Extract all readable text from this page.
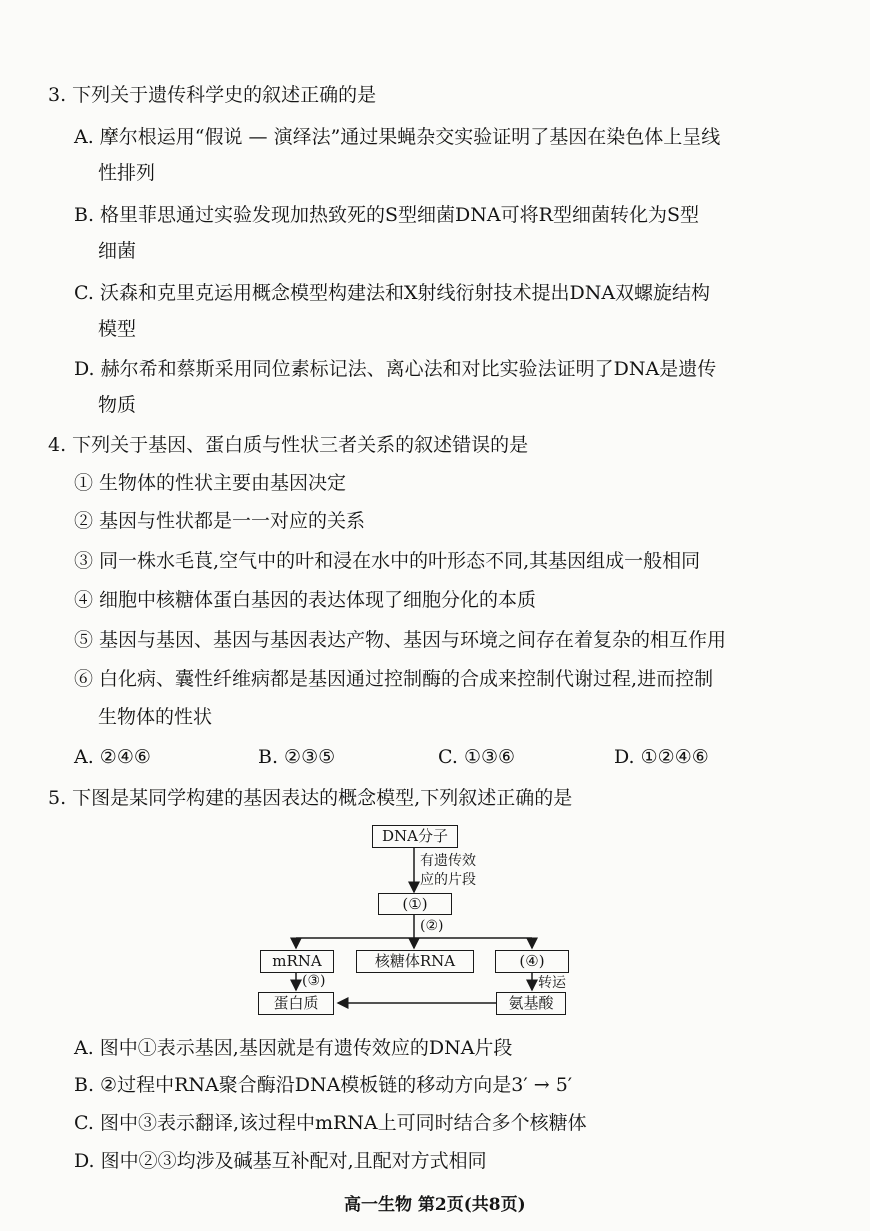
3. 下列关于遗传科学史的叙述正确的是
A. 摩尔根运用“假说 — 演绎法”通过果蝇杂交实验证明了基因在染色体上呈线
性排列
B. 格里菲思通过实验发现加热致死的S型细菌DNA可将R型细菌转化为S型
细菌
C. 沃森和克里克运用概念模型构建法和X射线衍射技术提出DNA双螺旋结构
模型
D. 赫尔希和蔡斯采用同位素标记法、离心法和对比实验法证明了DNA是遗传
物质
4. 下列关于基因、蛋白质与性状三者关系的叙述错误的是
① 生物体的性状主要由基因决定
② 基因与性状都是一一对应的关系
③ 同一株水毛茛,空气中的叶和浸在水中的叶形态不同,其基因组成一般相同
④ 细胞中核糖体蛋白基因的表达体现了细胞分化的本质
⑤ 基因与基因、基因与基因表达产物、基因与环境之间存在着复杂的相互作用
⑥ 白化病、囊性纤维病都是基因通过控制酶的合成来控制代谢过程,进而控制
生物体的性状
A. ②④⑥	B. ②③⑤	C. ①③⑥	D. ①②④⑥
5. 下图是某同学构建的基因表达的概念模型,下列叙述正确的是
DNA分子
有遗传效
应的片段
(①)
(②)
mRNA	核糖体RNA	(④)
(③)	转运
蛋白质	氨基酸
A. 图中①表示基因,基因就是有遗传效应的DNA片段
B. ②过程中RNA聚合酶沿DNA模板链的移动方向是3′ → 5′
C. 图中③表示翻译,该过程中mRNA上可同时结合多个核糖体
D. 图中②③均涉及碱基互补配对,且配对方式相同
高一生物 第2页(共8页)
